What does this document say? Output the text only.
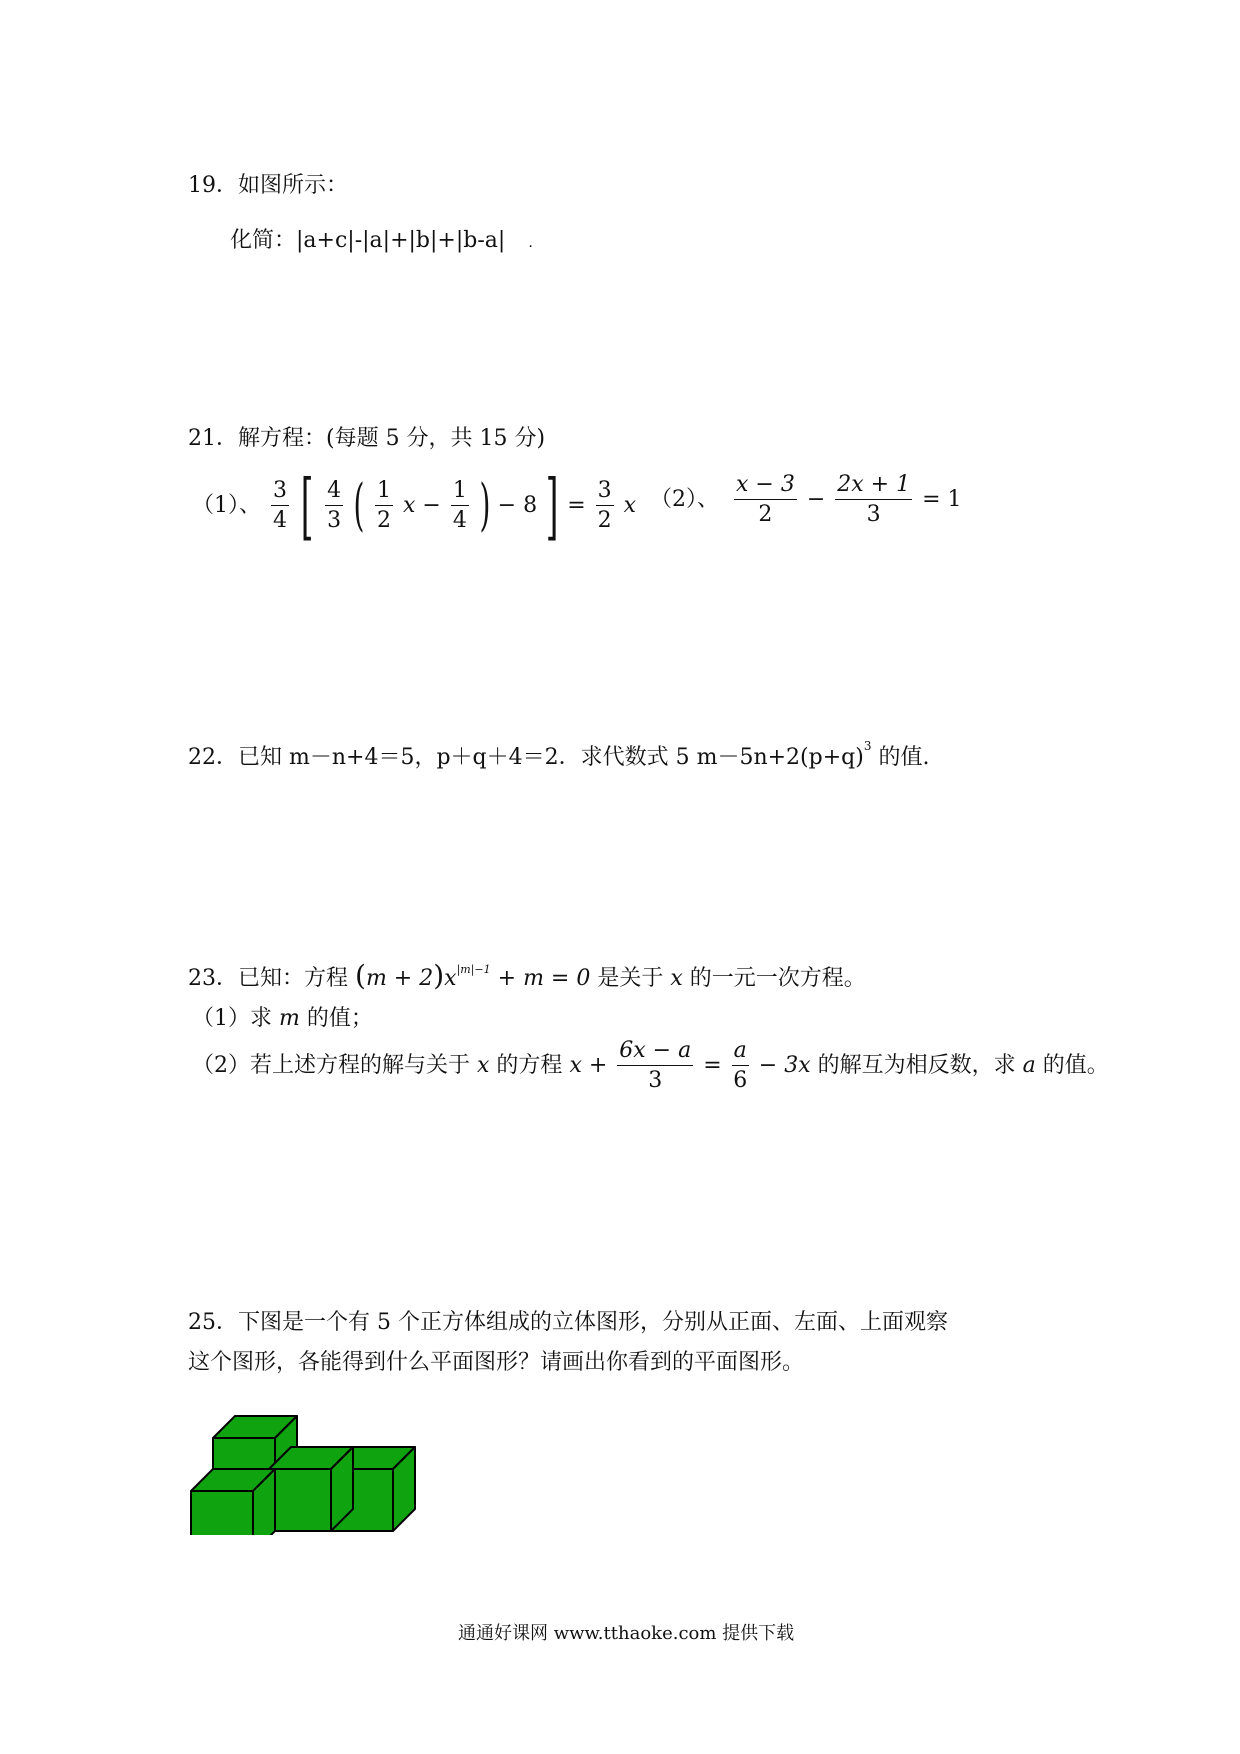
19．如图所示：
化简：|a+c|-|a|+|b|+|b-a| .
21．解方程：(每题 5 分，共 15 分)
（1）、 $\frac{3}{4}$ [ $\frac{4}{3}$ ( $\frac{1}{2}$ $x - \frac{1}{4}$ ) − 8 ] = $\frac{3}{2}$ x （2）、 $\frac{x - 3}{2} - \frac{2x + 1}{3} = 1$
22．已知 m－n+4＝5，p＋q＋4＝2．求代数式 5 $m-5n+2(p+q)^3$ 的值.
23．已知：方程 $(m + 2)x^{|m|-1} + m = 0$ 是关于 x 的一元一次方程。
（1）求 m 的值；
（2）若上述方程的解与关于 x 的方程 $x + \frac{6x - a}{3} = \frac{a}{6} - 3x$ 的解互为相反数，求 a 的值。
25．下图是一个有 5 个正方体组成的立体图形，分别从正面、左面、上面观察
这个图形，各能得到什么平面图形？请画出你看到的平面图形。
通通好课网 www.tthaoke.com 提供下载
